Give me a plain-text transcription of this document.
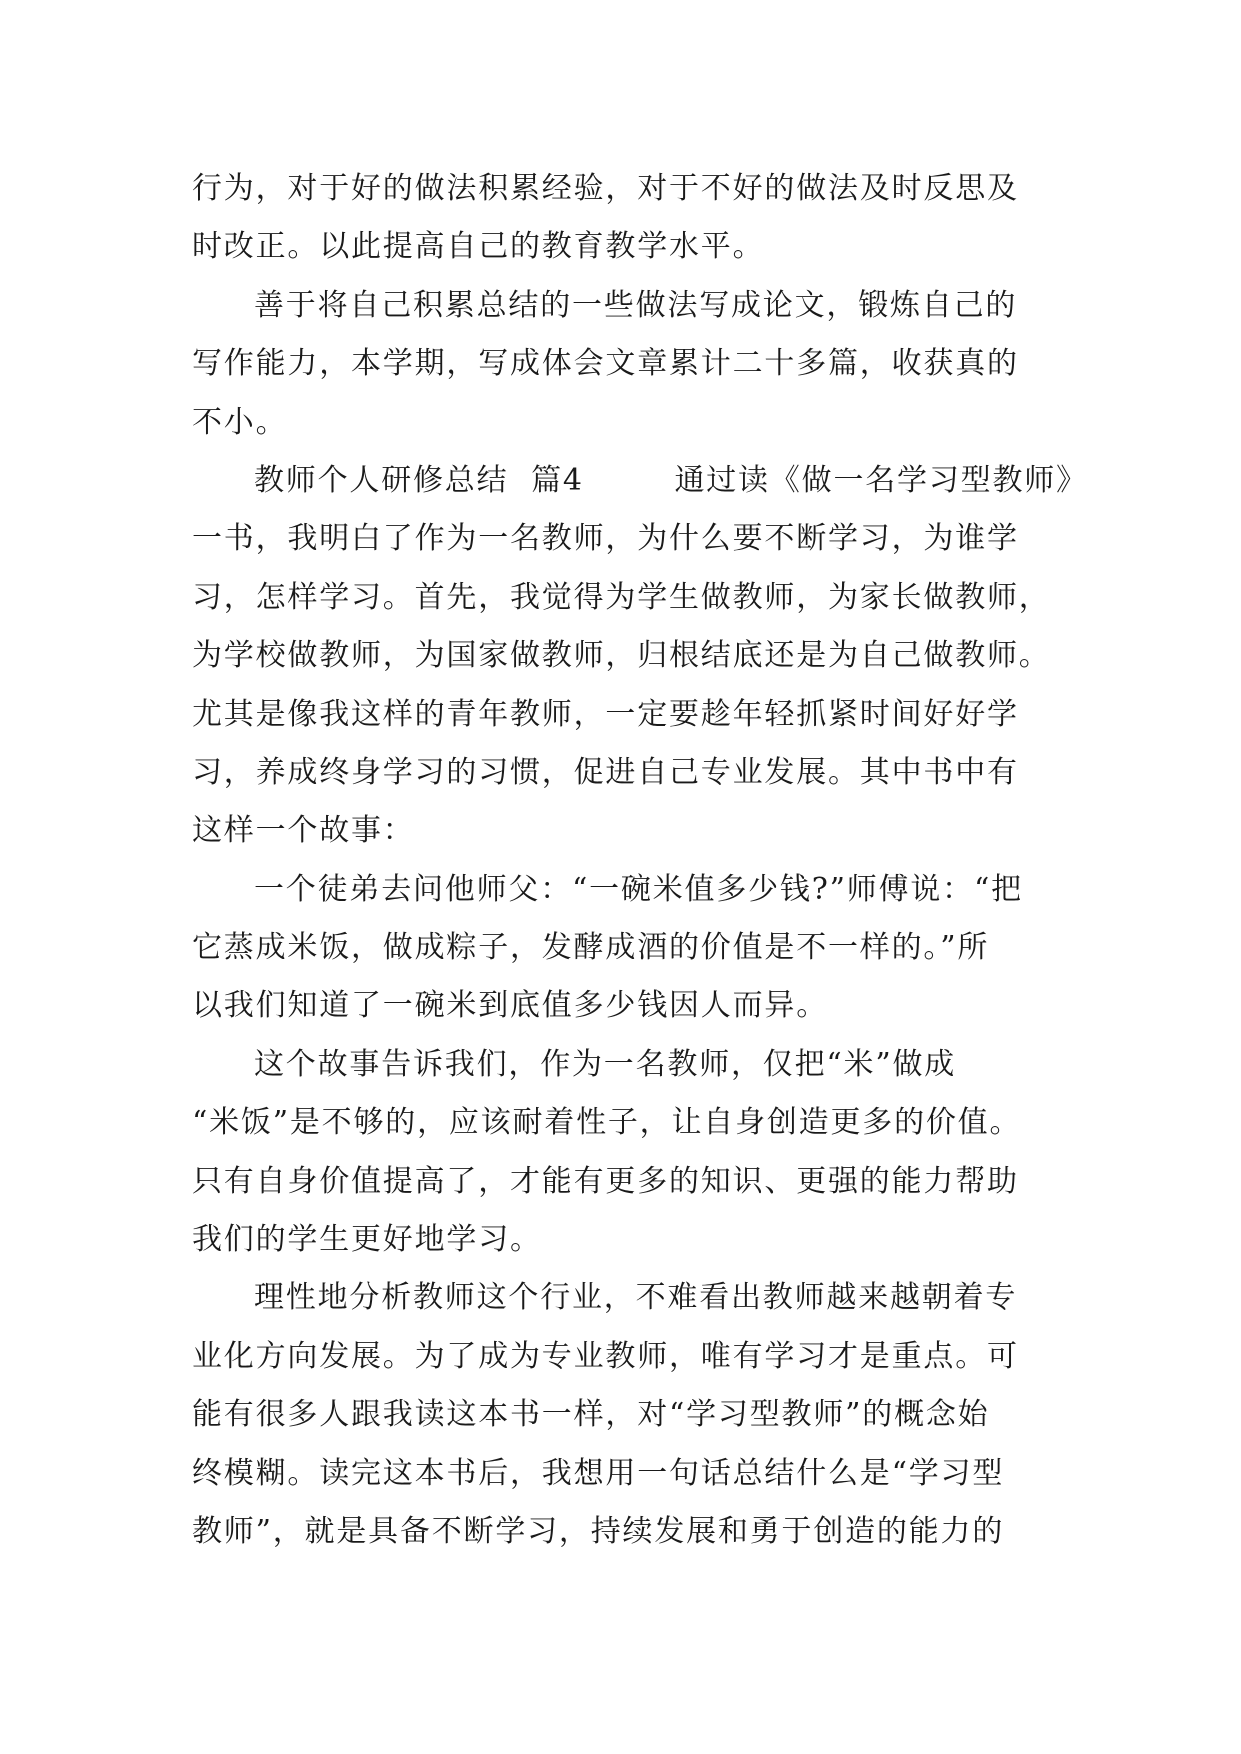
行为，对于好的做法积累经验，对于不好的做法及时反思及
时改正。以此提高自己的教育教学水平。
善于将自己积累总结的一些做法写成论文，锻炼自己的
写作能力，本学期，写成体会文章累计二十多篇，收获真的
不小。
教师个人研修总结  篇4        通过读《做一名学习型教师》
一书，我明白了作为一名教师，为什么要不断学习，为谁学
习，怎样学习。首先，我觉得为学生做教师，为家长做教师，
为学校做教师，为国家做教师，归根结底还是为自己做教师。
尤其是像我这样的青年教师，一定要趁年轻抓紧时间好好学
习，养成终身学习的习惯，促进自己专业发展。其中书中有
这样一个故事：
一个徒弟去问他师父：“一碗米值多少钱?”师傅说：“把
它蒸成米饭，做成粽子，发酵成酒的价值是不一样的。”所
以我们知道了一碗米到底值多少钱因人而异。
这个故事告诉我们，作为一名教师，仅把“米”做成
“米饭”是不够的，应该耐着性子，让自身创造更多的价值。
只有自身价值提高了，才能有更多的知识、更强的能力帮助
我们的学生更好地学习。
理性地分析教师这个行业，不难看出教师越来越朝着专
业化方向发展。为了成为专业教师，唯有学习才是重点。可
能有很多人跟我读这本书一样，对“学习型教师”的概念始
终模糊。读完这本书后，我想用一句话总结什么是“学习型
教师”，就是具备不断学习，持续发展和勇于创造的能力的
